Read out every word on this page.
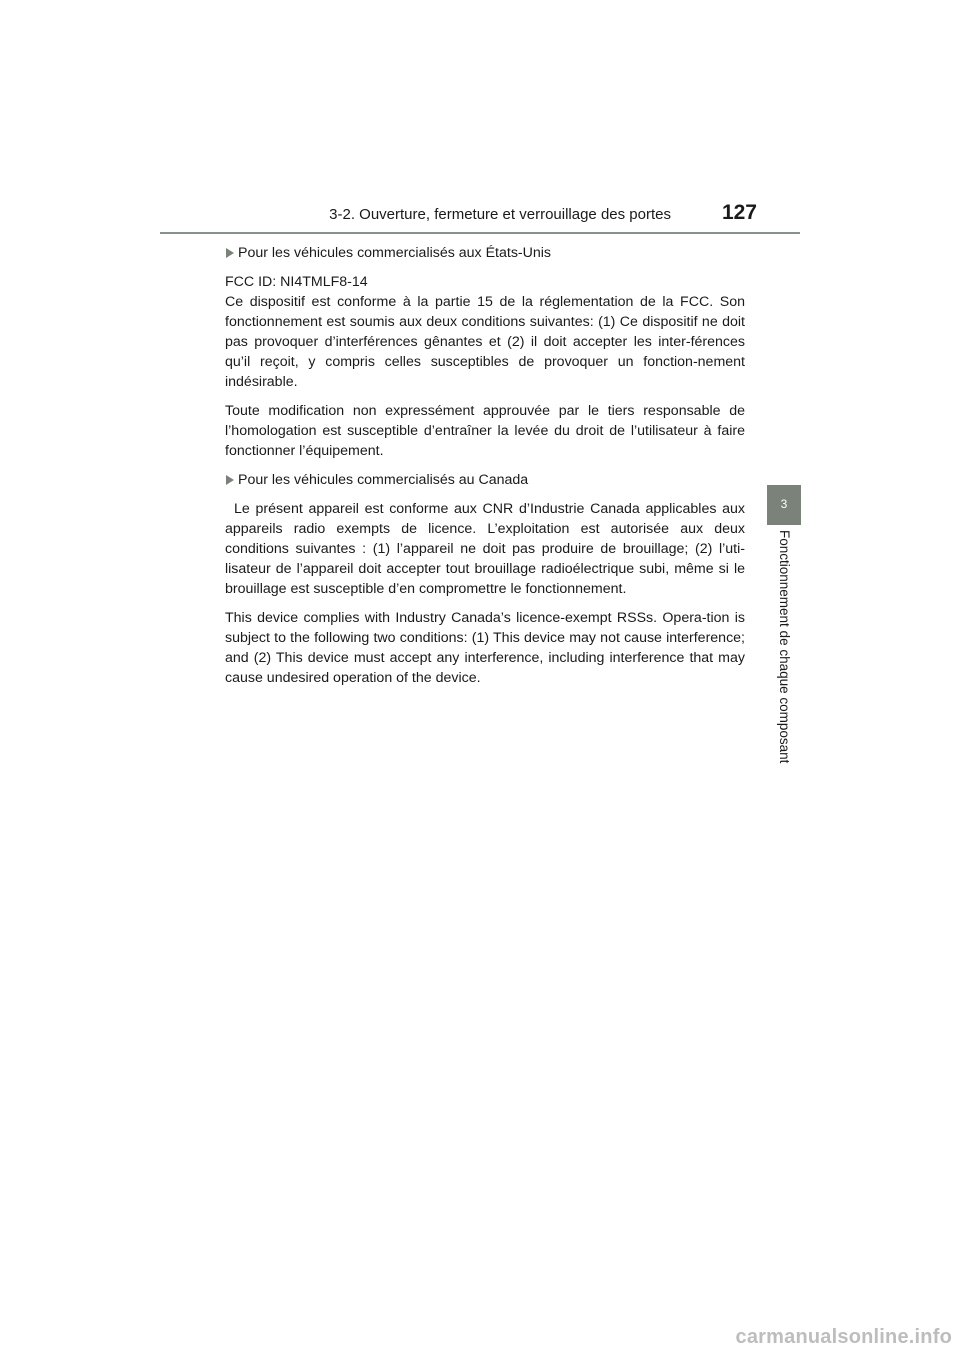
3-2. Ouverture, fermeture et verrouillage des portes 127
3
Fonctionnement de chaque composant
Pour les véhicules commercialisés aux États-Unis
FCC ID: NI4TMLF8-14

Ce dispositif est conforme à la partie 15 de la réglementation de la FCC. Son fonctionnement est soumis aux deux conditions suivantes: (1) Ce dispositif ne doit pas provoquer d’interférences gênantes et (2) il doit accepter les inter-férences qu’il reçoit, y compris celles susceptibles de provoquer un fonction-nement indésirable.

Toute modification non expressément approuvée par le tiers responsable de l’homologation est susceptible d’entraîner la levée du droit de l’utilisateur à faire fonctionner l’équipement.

Pour les véhicules commercialisés au Canada

Le présent appareil est conforme aux CNR d’Industrie Canada applicables aux appareils radio exempts de licence. L’exploitation est autorisée aux deux conditions suivantes : (1) l’appareil ne doit pas produire de brouillage; (2) l’uti-lisateur de l’appareil doit accepter tout brouillage radioélectrique subi, même si le brouillage est susceptible d’en compromettre le fonctionnement.

This device complies with Industry Canada’s licence-exempt RSSs. Opera-tion is subject to the following two conditions: (1) This device may not cause interference; and (2) This device must accept any interference, including interference that may cause undesired operation of the device.

carmanualsonline.info
